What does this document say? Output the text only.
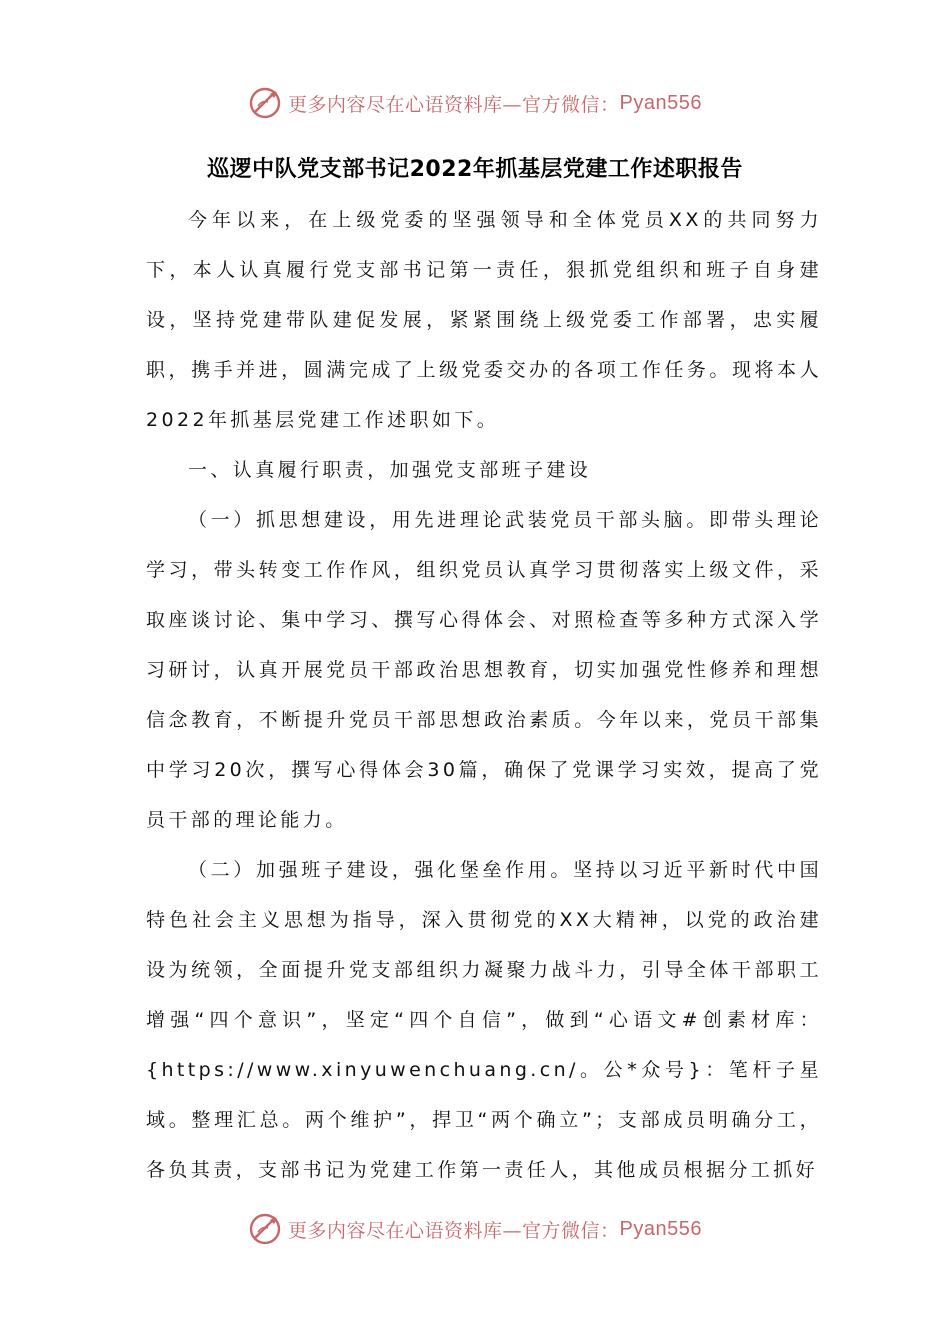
更多内容尽在心语资料库—官方微信： Pyan556
巡逻中队党支部书记2022年抓基层党建工作述职报告

今年以来，在上级党委的坚强领导和全体党员XX的共同努力下，本人认真履行党支部书记第一责任，狠抓党组织和班子自身建设，坚持党建带队建促发展，紧紧围绕上级党委工作部署，忠实履职，携手并进，圆满完成了上级党委交办的各项工作任务。现将本人2022年抓基层党建工作述职如下。

一、认真履行职责，加强党支部班子建设

（一）抓思想建设，用先进理论武装党员干部头脑。即带头理论学习，带头转变工作作风，组织党员认真学习贯彻落实上级文件，采取座谈讨论、集中学习、撰写心得体会、对照检查等多种方式深入学习研讨，认真开展党员干部政治思想教育，切实加强党性修养和理想信念教育，不断提升党员干部思想政治素质。今年以来，党员干部集中学习20次，撰写心得体会30篇，确保了党课学习实效，提高了党员干部的理论能力。

（二）加强班子建设，强化堡垒作用。坚持以习近平新时代中国特色社会主义思想为指导，深入贯彻党的XX大精神，以党的政治建设为统领，全面提升党支部组织力凝聚力战斗力，引导全体干部职工增强“四个意识”，坚定“四个自信”，做到“心语文#创素材库：{https://www.xinyuwenchuang.cn/。公*众号}：笔杆子星域。整理汇总。两个维护”，捍卫“两个确立”；支部成员明确分工，各负其责，支部书记为党建工作第一责任人，其他成员根据分工抓好

更多内容尽在心语资料库—官方微信： Pyan556
